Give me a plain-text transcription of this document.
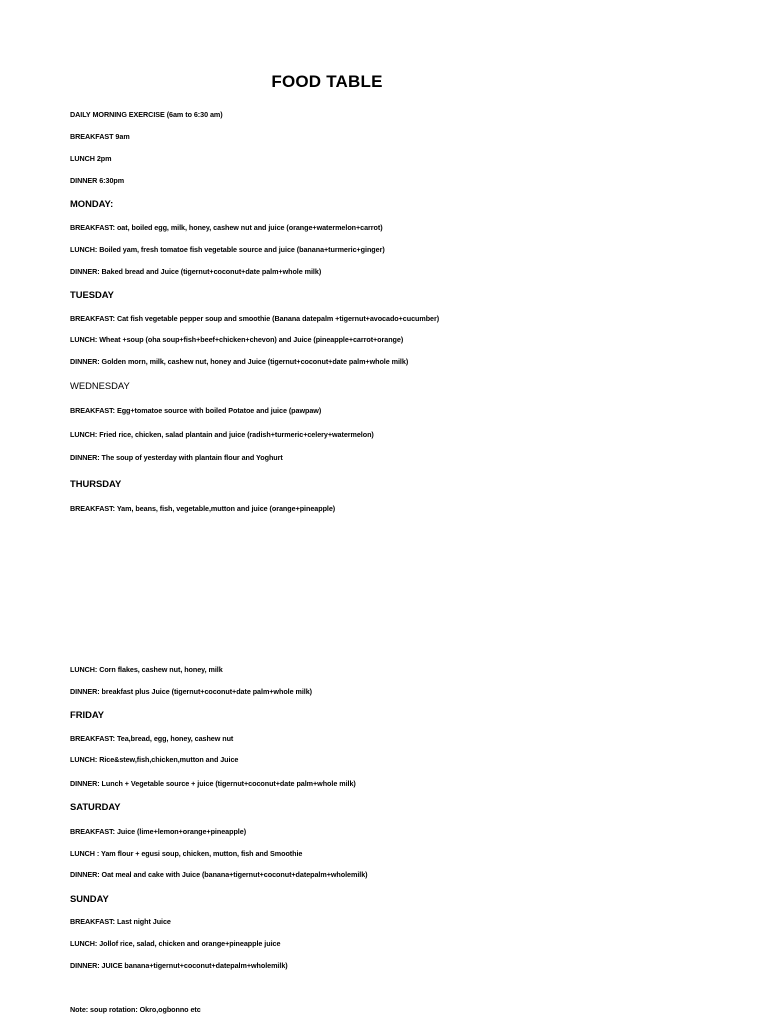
FOOD TABLE
DAILY MORNING EXERCISE (6am to 6:30 am)
BREAKFAST 9am
LUNCH 2pm
DINNER 6:30pm
MONDAY:
BREAKFAST: oat, boiled egg, milk, honey, cashew nut and juice (orange+watermelon+carrot)
LUNCH: Boiled yam, fresh tomatoe fish vegetable source and juice (banana+turmeric+ginger)
DINNER: Baked bread and Juice (tigernut+coconut+date palm+whole milk)
TUESDAY
BREAKFAST: Cat fish vegetable pepper soup and smoothie (Banana datepalm +tigernut+avocado+cucumber)
LUNCH: Wheat +soup (oha soup+fish+beef+chicken+chevon) and Juice (pineapple+carrot+orange)
DINNER: Golden morn, milk, cashew nut, honey and Juice (tigernut+coconut+date palm+whole milk)
WEDNESDAY
BREAKFAST: Egg+tomatoe source with boiled Potatoe and juice (pawpaw)
LUNCH: Fried rice, chicken, salad plantain and juice (radish+turmeric+celery+watermelon)
DINNER: The soup of yesterday with plantain flour and Yoghurt
THURSDAY
BREAKFAST: Yam, beans, fish, vegetable,mutton and juice (orange+pineapple)
LUNCH: Corn flakes, cashew nut, honey, milk
DINNER: breakfast plus Juice (tigernut+coconut+date palm+whole milk)
FRIDAY
BREAKFAST: Tea,bread, egg, honey, cashew nut
LUNCH: Rice&stew,fish,chicken,mutton and Juice
DINNER: Lunch + Vegetable source + juice (tigernut+coconut+date palm+whole milk)
SATURDAY
BREAKFAST: Juice (lime+lemon+orange+pineapple)
LUNCH : Yam flour + egusi soup, chicken, mutton, fish and Smoothie
DINNER: Oat meal and cake with Juice (banana+tigernut+coconut+datepalm+wholemilk)
SUNDAY
BREAKFAST: Last night Juice
LUNCH: Jollof rice, salad, chicken and orange+pineapple juice
DINNER: JUICE banana+tigernut+coconut+datepalm+wholemilk)
Note: soup rotation: Okro,ogbonno etc
